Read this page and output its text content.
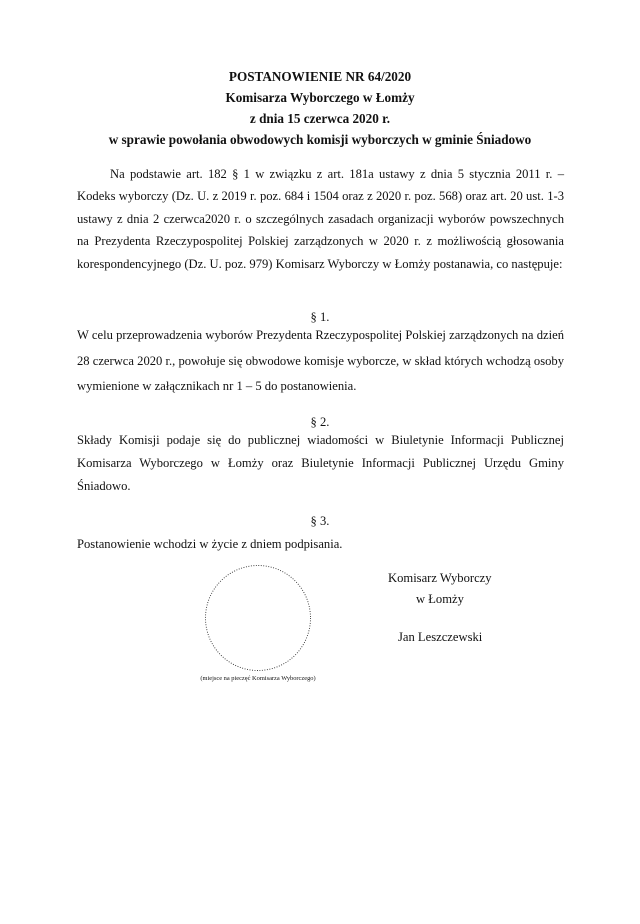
POSTANOWIENIE NR 64/2020
Komisarza Wyborczego w Łomży
z dnia 15 czerwca 2020 r.
w sprawie powołania obwodowych komisji wyborczych w gminie Śniadowo
Na podstawie art. 182 § 1 w związku z art. 181a ustawy z dnia 5 stycznia 2011 r. – Kodeks wyborczy (Dz. U. z 2019 r. poz. 684 i 1504 oraz z 2020 r. poz. 568) oraz art. 20 ust. 1-3 ustawy z dnia 2 czerwca2020 r. o szczególnych zasadach organizacji wyborów powszechnych na Prezydenta Rzeczypospolitej Polskiej zarządzonych w 2020 r. z możliwością głosowania korespondencyjnego (Dz. U. poz. 979) Komisarz Wyborczy w Łomży postanawia, co następuje:
§ 1.
W celu przeprowadzenia wyborów Prezydenta Rzeczypospolitej Polskiej zarządzonych na dzień 28 czerwca 2020 r., powołuje się obwodowe komisje wyborcze, w skład których wchodzą osoby wymienione w załącznikach nr 1 – 5 do postanowienia.
§ 2.
Składy Komisji podaje się do publicznej wiadomości w Biuletynie Informacji Publicznej Komisarza Wyborczego w Łomży oraz Biuletynie Informacji Publicznej Urzędu Gminy Śniadowo.
§ 3.
Postanowienie wchodzi w życie z dniem podpisania.
(miejsce na pieczęć Komisarza Wyborczego)
Komisarz Wyborczy
w Łomży
Jan Leszczewski
